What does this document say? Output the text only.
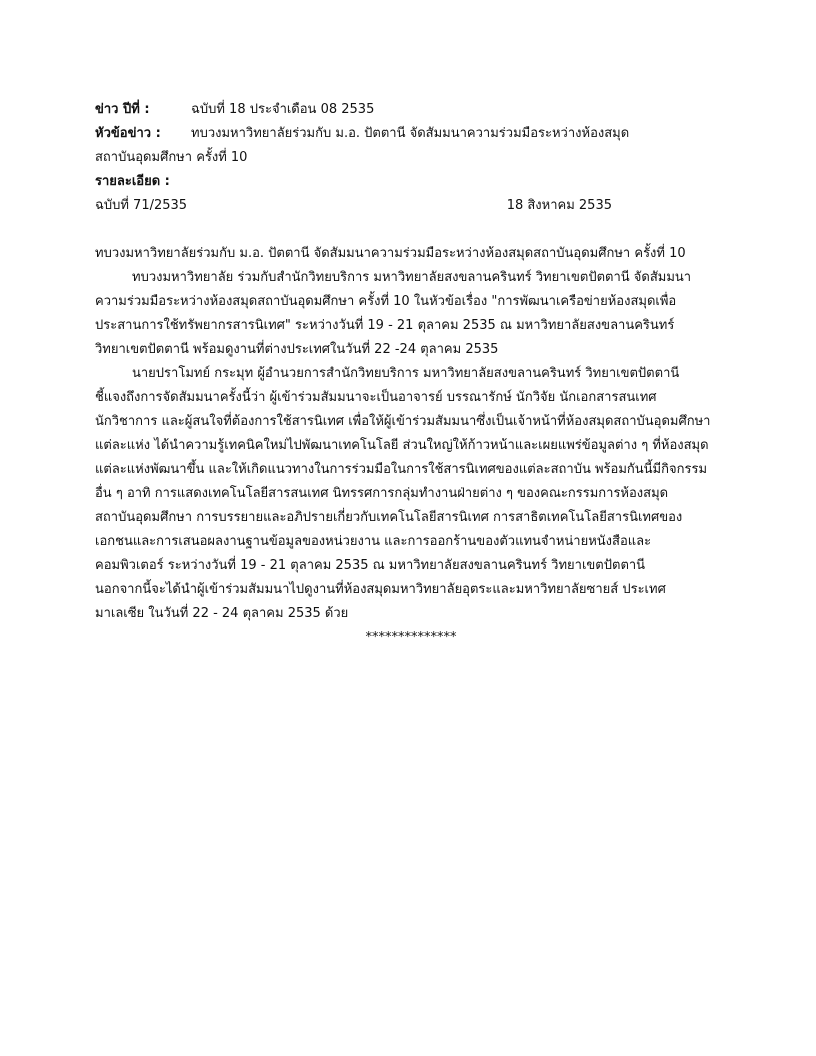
ข่าว ปีที่ :	ฉบับที่ 18 ประจำเดือน 08 2535
หัวข้อข่าว :	ทบวงมหาวิทยาลัยร่วมกับ ม.อ. ปัตตานี จัดสัมมนาความร่วมมือระหว่างห้องสมุด
สถาบันอุดมศึกษา ครั้งที่ 10
รายละเอียด :
ฉบับที่ 71/2535	18 สิงหาคม 2535
ทบวงมหาวิทยาลัยร่วมกับ ม.อ. ปัตตานี จัดสัมมนาความร่วมมือระหว่างห้องสมุดสถาบันอุดมศึกษา ครั้งที่ 10
ทบวงมหาวิทยาลัย ร่วมกับสำนักวิทยบริการ มหาวิทยาลัยสงขลานครินทร์ วิทยาเขตปัตตานี จัดสัมมนา
ความร่วมมือระหว่างห้องสมุดสถาบันอุดมศึกษา ครั้งที่ 10 ในหัวข้อเรื่อง "การพัฒนาเครือข่ายห้องสมุดเพื่อ
ประสานการใช้ทรัพยากรสารนิเทศ" ระหว่างวันที่ 19 - 21 ตุลาคม 2535 ณ มหาวิทยาลัยสงขลานครินทร์
วิทยาเขตปัตตานี พร้อมดูงานที่ต่างประเทศในวันที่ 22 -24 ตุลาคม 2535
นายปราโมทย์ กระมุท ผู้อำนวยการสำนักวิทยบริการ มหาวิทยาลัยสงขลานครินทร์ วิทยาเขตปัตตานี
ชี้แจงถึงการจัดสัมมนาครั้งนี้ว่า ผู้เข้าร่วมสัมมนาจะเป็นอาจารย์ บรรณารักษ์ นักวิจัย นักเอกสารสนเทศ
นักวิชาการ และผู้สนใจที่ต้องการใช้สารนิเทศ เพื่อให้ผู้เข้าร่วมสัมมนาซึ่งเป็นเจ้าหน้าที่ห้องสมุดสถาบันอุดมศึกษา
แต่ละแห่ง ได้นำความรู้เทคนิคใหม่ไปพัฒนาเทคโนโลยี ส่วนใหญ่ให้ก้าวหน้าและเผยแพร่ข้อมูลต่าง ๆ ที่ห้องสมุด
แต่ละแห่งพัฒนาขึ้น และให้เกิดแนวทางในการร่วมมือในการใช้สารนิเทศของแต่ละสถาบัน พร้อมกันนี้มีกิจกรรม
อื่น ๆ อาทิ การแสดงเทคโนโลยีสารสนเทศ นิทรรศการกลุ่มทำงานฝ่ายต่าง ๆ ของคณะกรรมการห้องสมุด
สถาบันอุดมศึกษา การบรรยายและอภิปรายเกี่ยวกับเทคโนโลยีสารนิเทศ การสาธิตเทคโนโลยีสารนิเทศของ
เอกชนและการเสนอผลงานฐานข้อมูลของหน่วยงาน และการออกร้านของตัวแทนจำหน่ายหนังสือและ
คอมพิวเตอร์ ระหว่างวันที่ 19 - 21 ตุลาคม 2535 ณ มหาวิทยาลัยสงขลานครินทร์ วิทยาเขตปัตตานี
นอกจากนี้จะได้นำผู้เข้าร่วมสัมมนาไปดูงานที่ห้องสมุดมหาวิทยาลัยอุตระและมหาวิทยาลัยซายส์ ประเทศ
มาเลเซีย ในวันที่ 22 - 24 ตุลาคม 2535 ด้วย
**************
